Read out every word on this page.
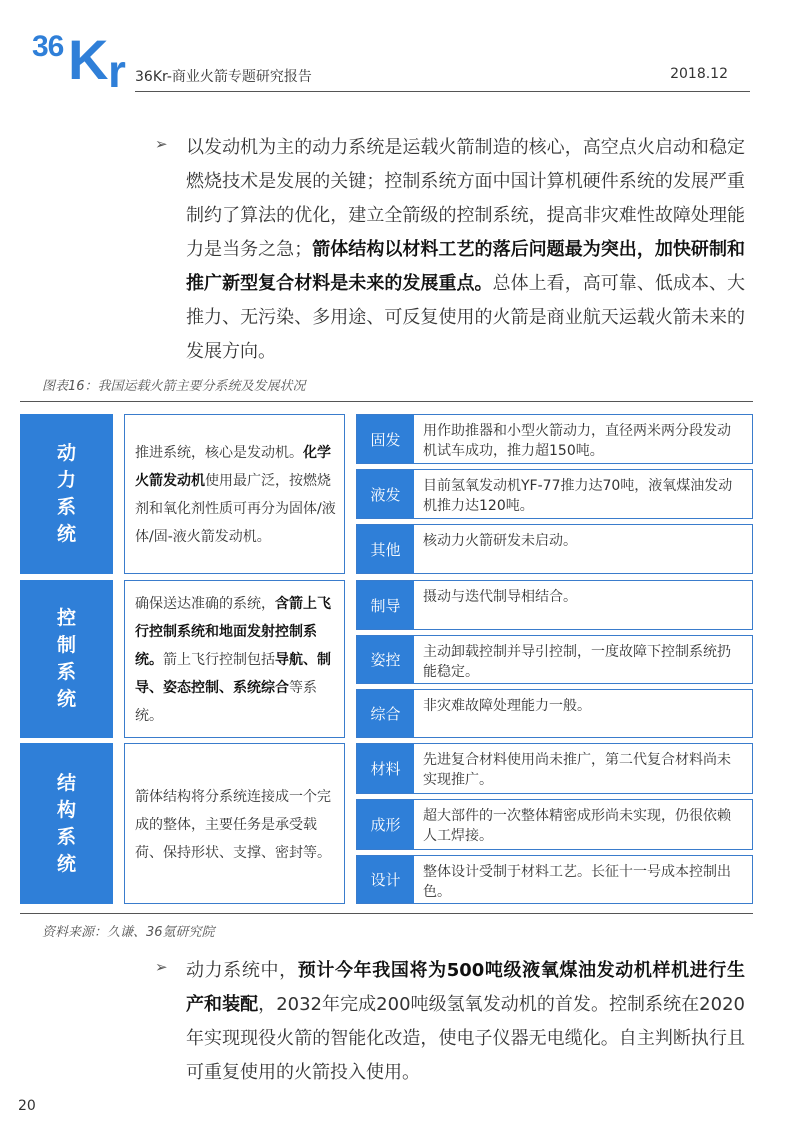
36 K r 36Kr-商业火箭专题研究报告	2018.12
➢ 以发动机为主的动力系统是运载火箭制造的核心，高空点火启动和稳定燃烧技术是发展的关键；控制系统方面中国计算机硬件系统的发展严重制约了算法的优化，建立全箭级的控制系统，提高非灾难性故障处理能力是当务之急；箭体结构以材料工艺的落后问题最为突出，加快研制和推广新型复合材料是未来的发展重点。总体上看，高可靠、低成本、大推力、无污染、多用途、可反复使用的火箭是商业航天运载火箭未来的发展方向。

图表16：我国运载火箭主要分系统及发展状况
动力系统

推进系统，核心是发动机。化学火箭发动机使用最广泛，按燃烧剂和氧化剂性质可再分为固体/液体/固-液火箭发动机。

固发	用作助推器和小型火箭动力，直径两米两分段发动机试车成功，推力超150吨。
液发	目前氢氧发动机YF-77推力达70吨，液氧煤油发动机推力达120吨。
其他	核动力火箭研发未启动。
控制系统

确保送达准确的系统，含箭上飞行控制系统和地面发射控制系统。箭上飞行控制包括导航、制导、姿态控制、系统综合等系统。

制导	摄动与迭代制导相结合。
姿控	主动卸载控制并导引控制，一度故障下控制系统扔能稳定。
综合	非灾难故障处理能力一般。
结构系统

箭体结构将分系统连接成一个完成的整体，主要任务是承受载荷、保持形状、支撑、密封等。

材料	先进复合材料使用尚未推广，第二代复合材料尚未实现推广。
成形	超大部件的一次整体精密成形尚未实现，仍很依赖人工焊接。
设计	整体设计受制于材料工艺。长征十一号成本控制出色。
资料来源：久谦、36氪研究院
➢ 动力系统中，预计今年我国将为500吨级液氧煤油发动机样机进行生产和装配，2032年完成200吨级氢氧发动机的首发。控制系统在2020年实现现役火箭的智能化改造，使电子仪器无电缆化。自主判断执行且可重复使用的火箭投入使用。

20
